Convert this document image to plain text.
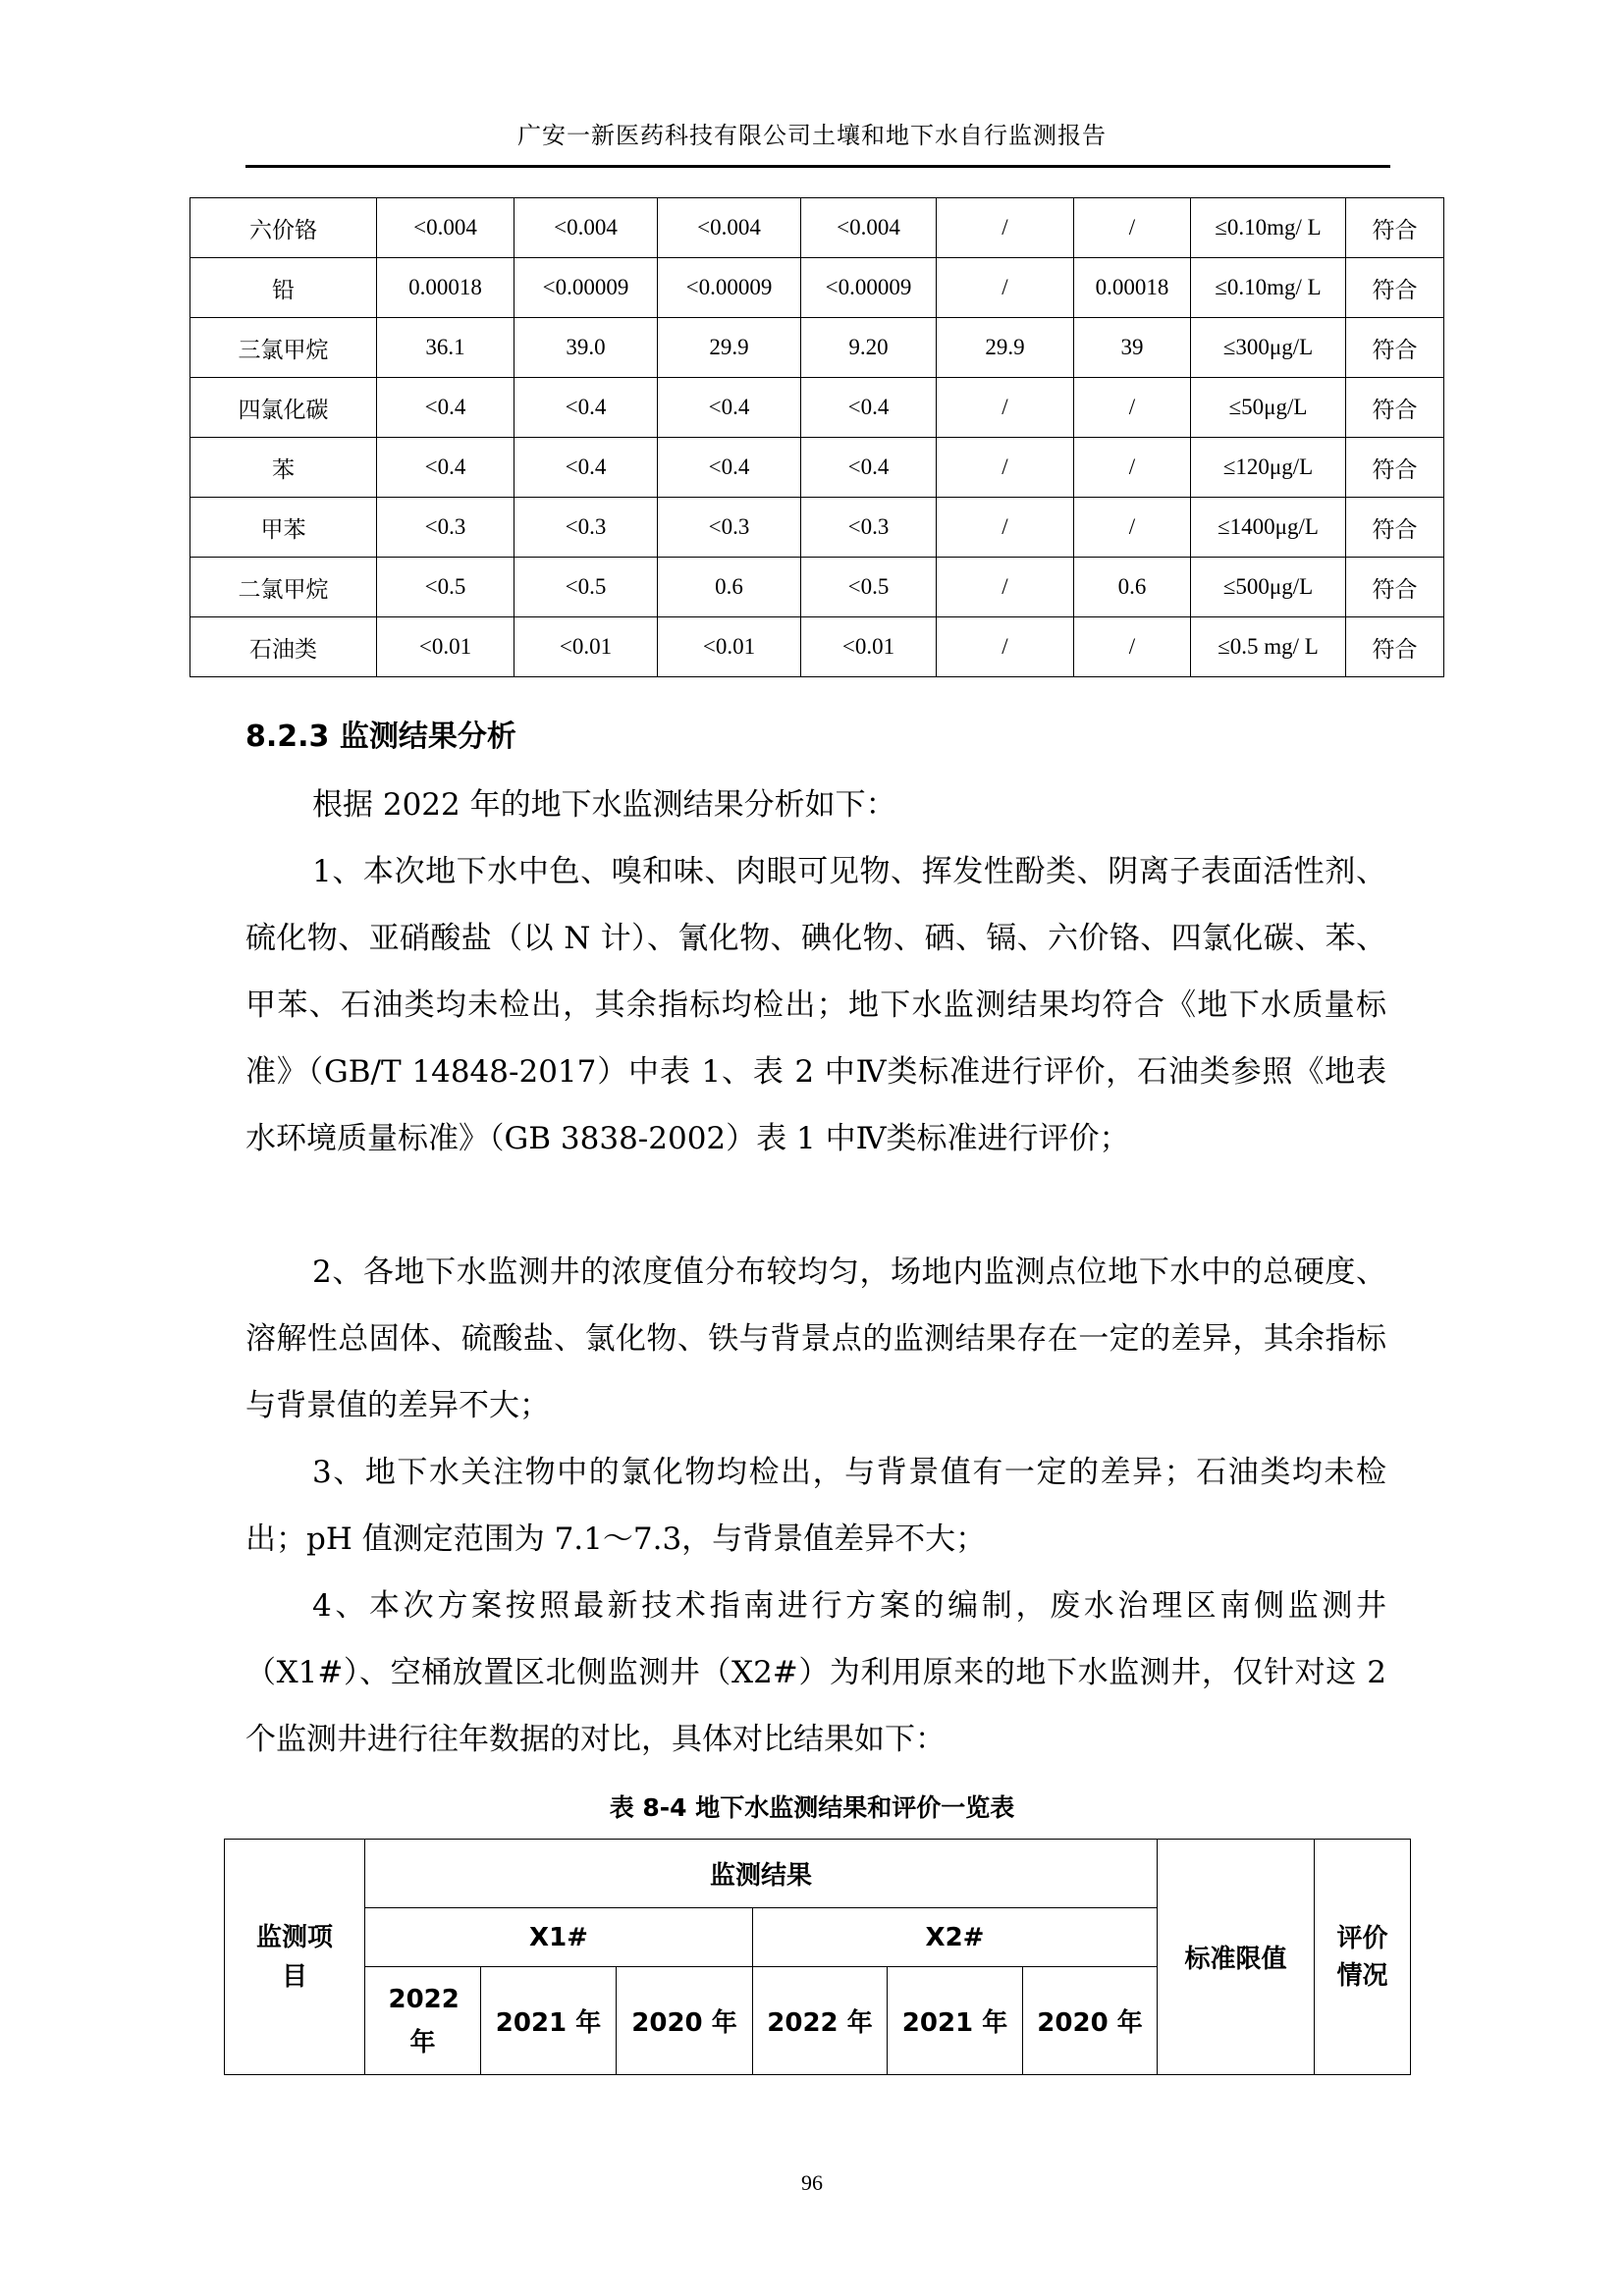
广安一新医药科技有限公司土壤和地下水自行监测报告
六价铬	<0.004	<0.004	<0.004	<0.004	/	/	≤0.10mg/ L	符合
铅	0.00018	<0.00009	<0.00009	<0.00009	/	0.00018	≤0.10mg/ L	符合
三氯甲烷	36.1	39.0	29.9	9.20	29.9	39	≤300μg/L	符合
四氯化碳	<0.4	<0.4	<0.4	<0.4	/	/	≤50μg/L	符合
苯	<0.4	<0.4	<0.4	<0.4	/	/	≤120μg/L	符合
甲苯	<0.3	<0.3	<0.3	<0.3	/	/	≤1400μg/L	符合
二氯甲烷	<0.5	<0.5	0.6	<0.5	/	0.6	≤500μg/L	符合
石油类	<0.01	<0.01	<0.01	<0.01	/	/	≤0.5 mg/ L	符合
8.2.3 监测结果分析
根据 2022 年的地下水监测结果分析如下：
1、本次地下水中色、嗅和味、肉眼可见物、挥发性酚类、阴离子表面活性剂、硫化物、亚硝酸盐（以 N 计）、氰化物、碘化物、硒、镉、六价铬、四氯化碳、苯、甲苯、石油类均未检出，其余指标均检出；地下水监测结果均符合《地下水质量标准》（GB/T 14848-2017）中表 1、表 2 中Ⅳ类标准进行评价，石油类参照《地表水环境质量标准》（GB 3838-2002）表 1 中Ⅳ类标准进行评价；
2、各地下水监测井的浓度值分布较均匀，场地内监测点位地下水中的总硬度、溶解性总固体、硫酸盐、氯化物、铁与背景点的监测结果存在一定的差异，其余指标与背景值的差异不大；
3、地下水关注物中的氯化物均检出，与背景值有一定的差异；石油类均未检出；pH 值测定范围为 7.1～7.3，与背景值差异不大；
4、本次方案按照最新技术指南进行方案的编制，废水治理区南侧监测井（X1#）、空桶放置区北侧监测井（X2#）为利用原来的地下水监测井，仅针对这 2 个监测井进行往年数据的对比，具体对比结果如下：
表 8-4 地下水监测结果和评价一览表
监测项目	监测结果						标准限值	评价情况
	X1#			X2#				
	2022年	2021 年	2020 年	2022 年	2021 年	2020 年		
96
